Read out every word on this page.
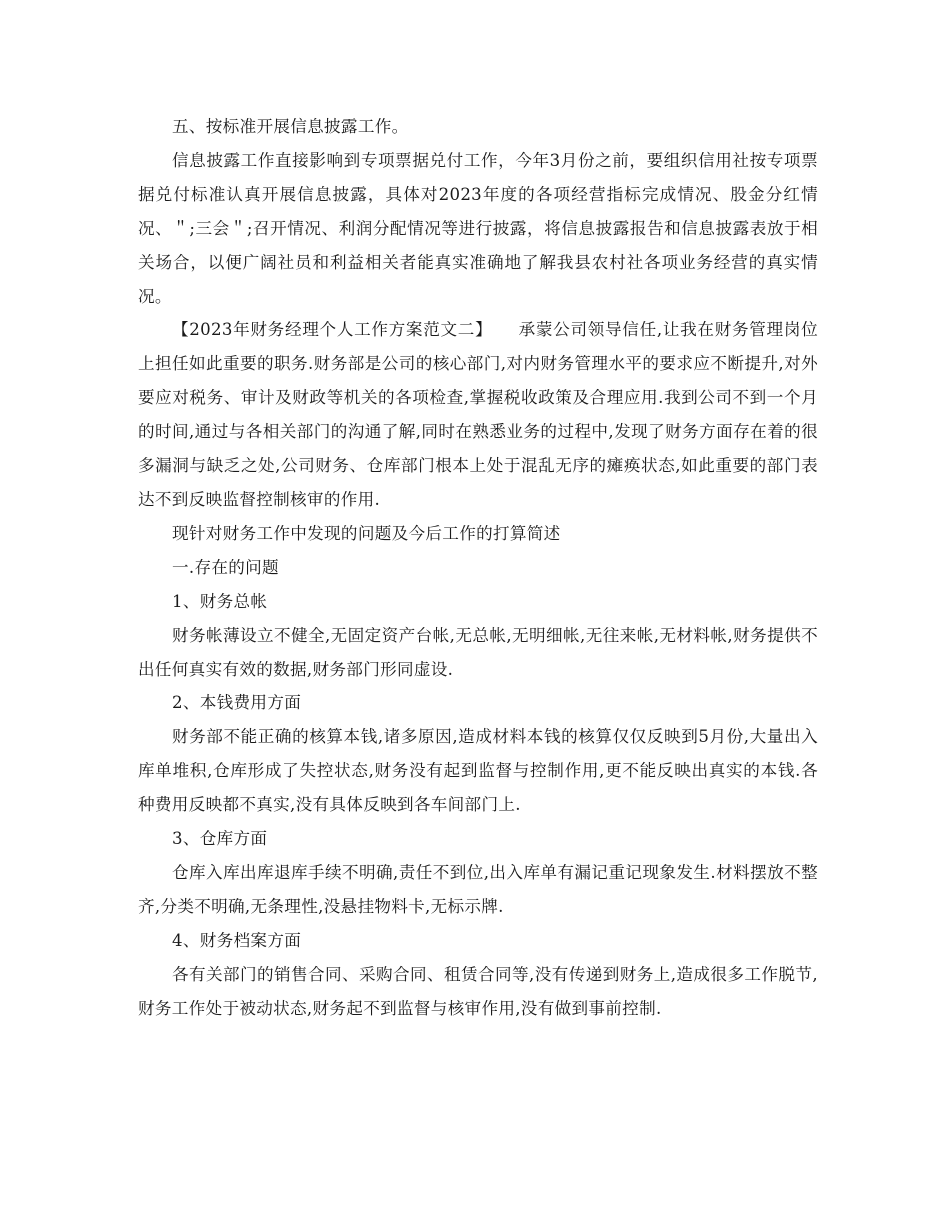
五、按标准开展信息披露工作。

信息披露工作直接影响到专项票据兑付工作，今年3月份之前，要组织信用社按专项票据兑付标准认真开展信息披露，具体对2023年度的各项经营指标完成情况、股金分红情况、＂;三会＂;召开情况、利润分配情况等进行披露，将信息披露报告和信息披露表放于相关场合，以便广阔社员和利益相关者能真实准确地了解我县农村社各项业务经营的真实情况。

【2023年财务经理个人工作方案范文二】　　承蒙公司领导信任,让我在财务管理岗位上担任如此重要的职务.财务部是公司的核心部门,对内财务管理水平的要求应不断提升,对外要应对税务、审计及财政等机关的各项检查,掌握税收政策及合理应用.我到公司不到一个月的时间,通过与各相关部门的沟通了解,同时在熟悉业务的过程中,发现了财务方面存在着的很多漏洞与缺乏之处,公司财务、仓库部门根本上处于混乱无序的瘫痪状态,如此重要的部门表达不到反映监督控制核审的作用.

现针对财务工作中发现的问题及今后工作的打算简述

一.存在的问题

1、财务总帐

财务帐薄设立不健全,无固定资产台帐,无总帐,无明细帐,无往来帐,无材料帐,财务提供不出任何真实有效的数据,财务部门形同虚设.

2、本钱费用方面

财务部不能正确的核算本钱,诸多原因,造成材料本钱的核算仅仅反映到5月份,大量出入库单堆积,仓库形成了失控状态,财务没有起到监督与控制作用,更不能反映出真实的本钱.各种费用反映都不真实,没有具体反映到各车间部门上.

3、仓库方面

仓库入库出库退库手续不明确,责任不到位,出入库单有漏记重记现象发生.材料摆放不整齐,分类不明确,无条理性,没悬挂物料卡,无标示牌.

4、财务档案方面

各有关部门的销售合同、采购合同、租赁合同等,没有传递到财务上,造成很多工作脱节,财务工作处于被动状态,财务起不到监督与核审作用,没有做到事前控制.
